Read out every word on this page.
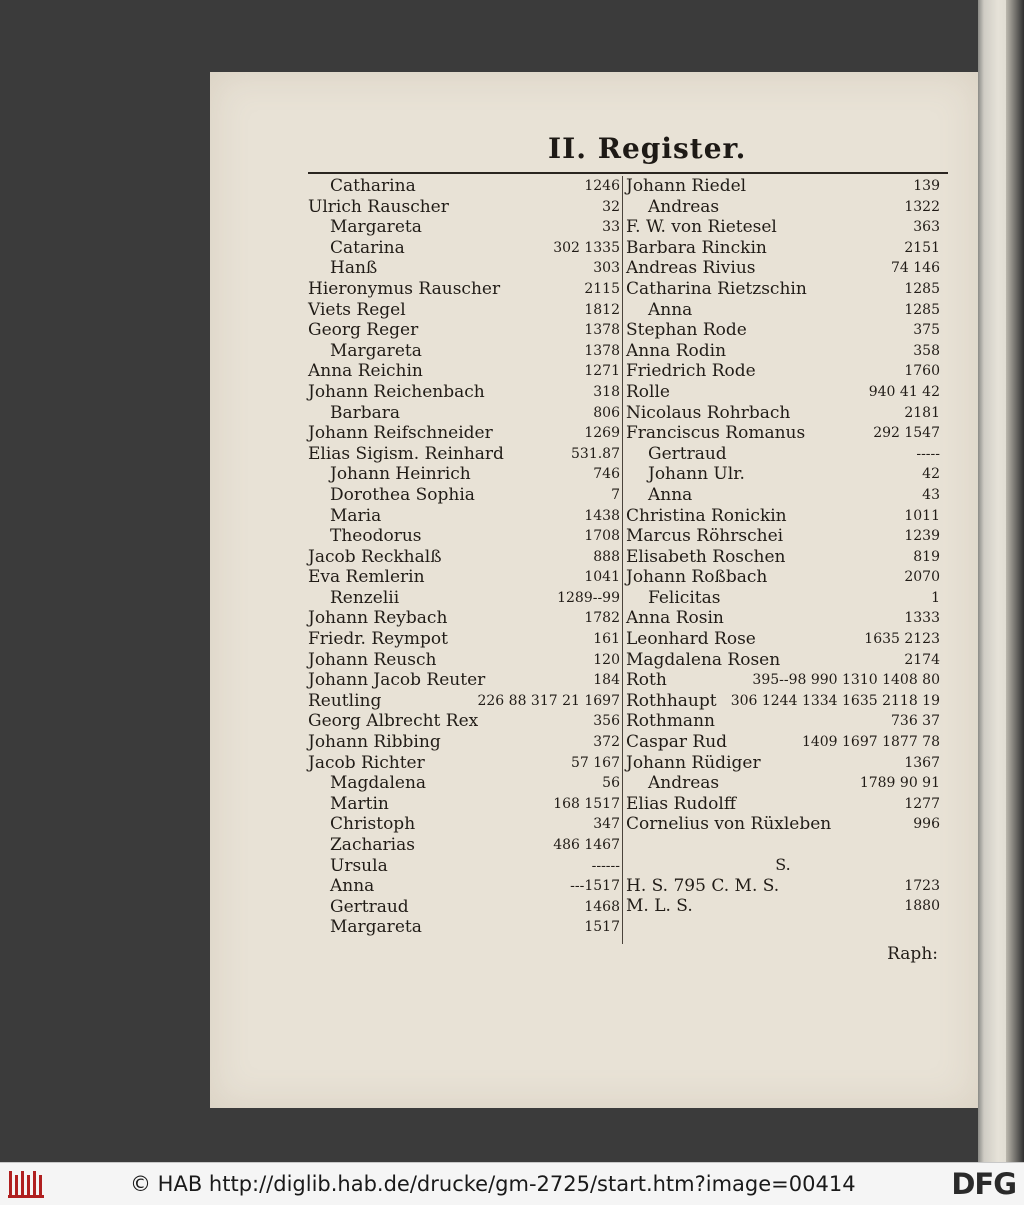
II. Register.
Catharina	1246
Ulrich Rauscher	32
Margareta	33
Catarina	302 1335
Hanß	303
Hieronymus Rauscher	2115
Viets Regel	1812
Georg Reger	1378
Margareta	1378
Anna Reichin	1271
Johann Reichenbach	318
Barbara	806
Johann Reifschneider	1269
Elias Sigism. Reinhard	531.87
Johann Heinrich	746
Dorothea Sophia	7
Maria	1438
Theodorus	1708
Jacob Reckhalß	888
Eva Remlerin	1041
Renzelii	1289--99
Johann Reybach	1782
Friedr. Reympot	161
Johann Reusch	120
Johann Jacob Reuter	184
Reutling	226 88 317 21 1697
Georg Albrecht Rex	356
Johann Ribbing	372
Jacob Richter	57 167
Magdalena	56
Martin	168 1517
Christoph	347
Zacharias	486 1467
Ursula	------
Anna	---1517
Gertraud	1468
Margareta	1517
Johann Riedel	139
Andreas	1322
F. W. von Rietesel	363
Barbara Rinckin	2151
Andreas Rivius	74 146
Catharina Rietzschin	1285
Anna	1285
Stephan Rode	375
Anna Rodin	358
Friedrich Rode	1760
Rolle	940 41 42
Nicolaus Rohrbach	2181
Franciscus Romanus	292 1547
Gertraud	-----
Johann Ulr.	42
Anna	43
Christina Ronickin	1011
Marcus Röhrschei	1239
Elisabeth Roschen	819
Johann Roßbach	2070
Felicitas	1
Anna Rosin	1333
Leonhard Rose	1635 2123
Magdalena Rosen	2174
Roth	395--98 990 1310 1408 80
Rothhaupt 306 1244 1334 1635 2118 19
Rothmann	736 37
Caspar Rud	1409 1697 1877 78
Johann Rüdiger	1367
Andreas	1789 90 91
Elias Rudolff	1277
Cornelius von Rüxleben	996
S.
H. S. 795 C. M. S.	1723
M. L. S.	1880
Raph:
© HAB http://diglib.hab.de/drucke/gm-2725/start.htm?image=00414	DFG
